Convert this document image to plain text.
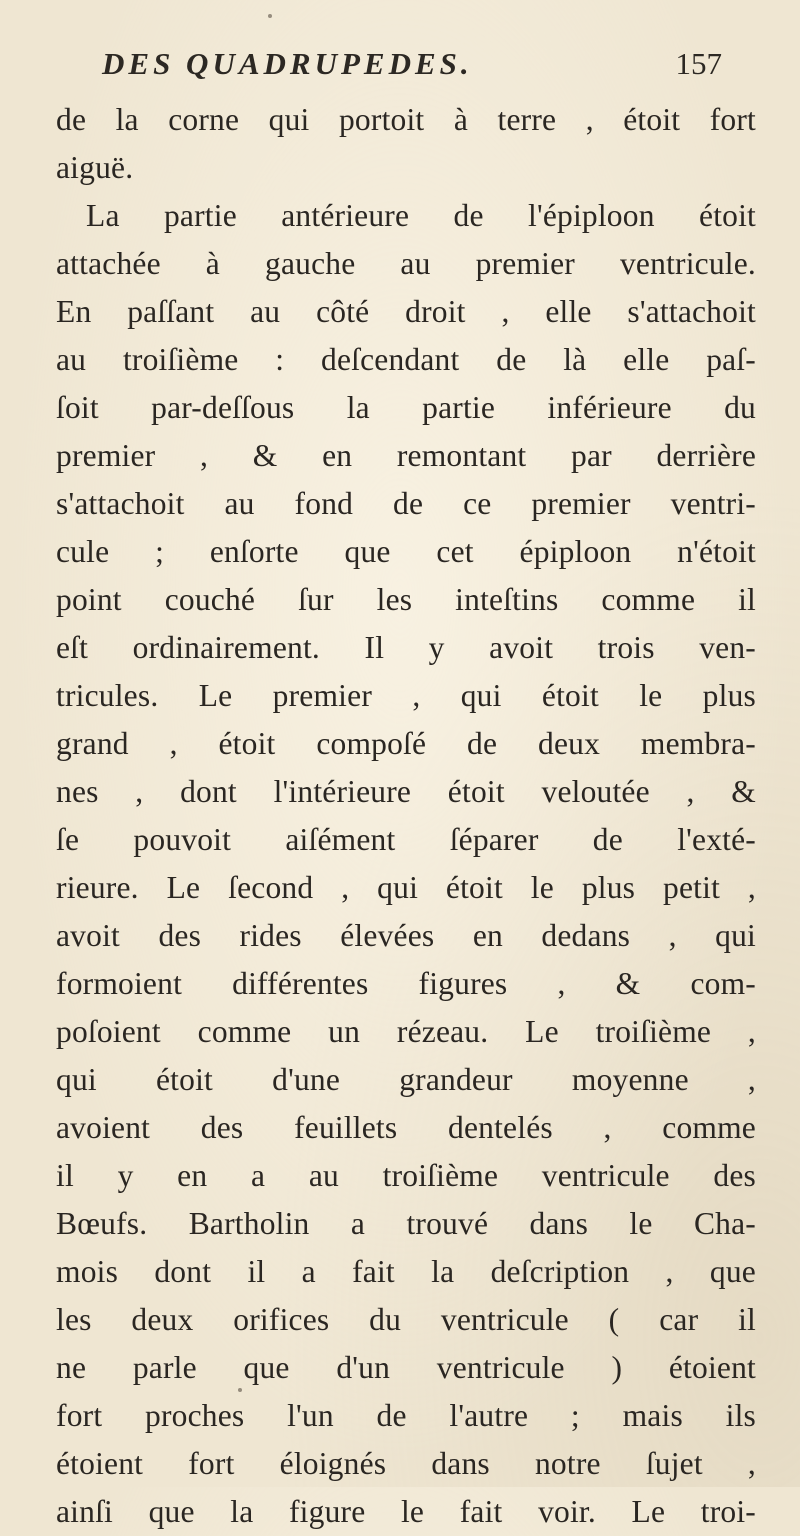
DES QUADRUPEDES.	157
de la corne qui portoit à terre , étoit fort
aiguë.
La partie antérieure de l'épiploon étoit
attachée à gauche au premier ventricule.
En paſſant au côté droit , elle s'attachoit
au troiſième : deſcendant de là elle paſ-
ſoit par-deſſous la partie inférieure du
premier , & en remontant par derrière
s'attachoit au fond de ce premier ventri-
cule ; enſorte que cet épiploon n'étoit
point couché ſur les inteſtins comme il
eſt ordinairement. Il y avoit trois ven-
tricules. Le premier , qui étoit le plus
grand , étoit compoſé de deux membra-
nes , dont l'intérieure étoit veloutée , &
ſe pouvoit aiſément ſéparer de l'exté-
rieure. Le ſecond , qui étoit le plus petit ,
avoit des rides élevées en dedans , qui
formoient différentes figures , & com-
poſoient comme un rézeau. Le troiſième ,
qui étoit d'une grandeur moyenne ,
avoient des feuillets dentelés , comme
il y en a au troiſième ventricule des
Bœufs. Bartholin a trouvé dans le Cha-
mois dont il a fait la deſcription , que
les deux orifices du ventricule ( car il
ne parle que d'un ventricule ) étoient
fort proches l'un de l'autre ; mais ils
étoient fort éloignés dans notre ſujet ,
ainſi que la figure le fait voir. Le troi-
